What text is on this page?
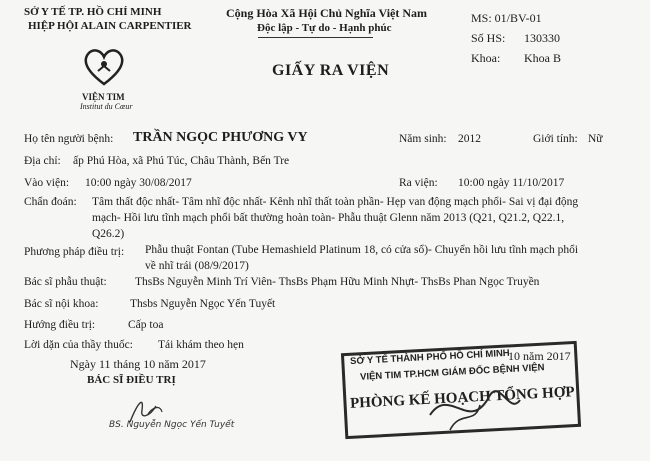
SỞ Y TẾ TP. HỒ CHÍ MINH
HIỆP HỘI ALAIN CARPENTIER
VIỆN TIM
Institut du Cœur
Cộng Hòa Xã Hội Chủ Nghĩa Việt Nam
Độc lập - Tự do - Hạnh phúc
GIẤY RA VIỆN
MS: 01/BV-01
Số HS: 130330
Khoa: Khoa B
Họ tên người bệnh: TRẦN NGỌC PHƯƠNG VY	Năm sinh: 2012	Giới tính: Nữ
Địa chỉ: ấp Phú Hòa, xã Phú Túc, Châu Thành, Bến Tre
Vào viện: 10:00 ngày 30/08/2017	Ra viện: 10:00 ngày 11/10/2017
Chẩn đoán: Tâm thất độc nhất- Tâm nhĩ độc nhất- Kênh nhĩ thất toàn phần- Hẹp van động mạch phổi- Sai vị đại động
mạch- Hồi lưu tĩnh mạch phổi bất thường hoàn toàn- Phẫu thuật Glenn năm 2013 (Q21, Q21.2, Q22.1,
Q26.2)
Phương pháp điều trị: Phẫu thuật Fontan (Tube Hemashield Platinum 18, có cửa sổ)- Chuyển hồi lưu tĩnh mạch phổi
về nhĩ trái (08/9/2017)
Bác sĩ phẫu thuật: ThsBs Nguyễn Minh Trí Viên- ThsBs Phạm Hữu Minh Nhựt- ThsBs Phan Ngọc Truyền
Bác sĩ nội khoa:	Thsbs Nguyễn Ngọc Yến Tuyết
Hướng điều trị:	Cấp toa
Lời dặn của thầy thuốc: Tái khám theo hẹn
Ngày 11 tháng 10 năm 2017
BÁC SĨ ĐIỀU TRỊ
BS. Nguyễn Ngọc Yến Tuyết
10 năm 2017
SỞ Y TẾ THÀNH PHỐ HỒ CHÍ MINH
VIỆN TIM TP.HCM GIÁM ĐỐC BỆNH VIỆN
PHÒNG KẾ HOẠCH TỔNG HỢP
